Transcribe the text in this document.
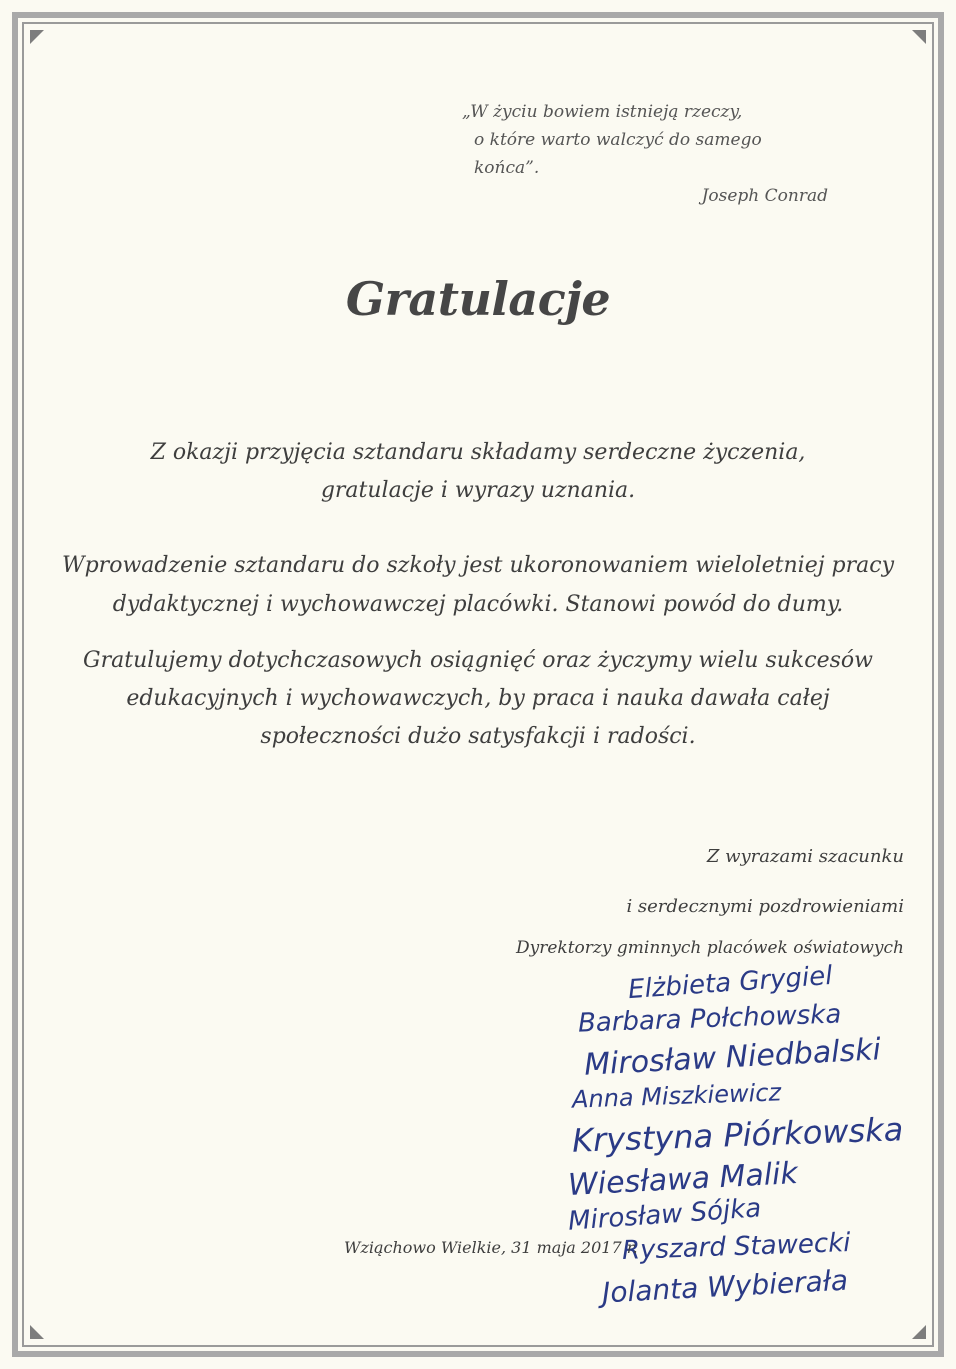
„W życiu bowiem istnieją rzeczy,
o które warto walczyć do samego końca”.
Joseph Conrad
Gratulacje
Z okazji przyjęcia sztandaru składamy serdeczne życzenia,
gratulacje i wyrazy uznania.
Wprowadzenie sztandaru do szkoły jest ukoronowaniem wieloletniej pracy
dydaktycznej i wychowawczej placówki. Stanowi powód do dumy.
Gratulujemy dotychczasowych osiągnięć oraz życzymy wielu sukcesów
edukacyjnych i wychowawczych, by praca i nauka dawała całej
społeczności dużo satysfakcji i radości.
Z wyrazami szacunku
i serdecznymi pozdrowieniami
Dyrektorzy gminnych placówek oświatowych
Elżbieta Grygiel
Barbara Połchowska
Mirosław Niedbalski
Anna Miszkiewicz
Krystyna Piórkowska
Wiesława Malik
Mirosław Sójka
Ryszard Stawecki
Jolanta Wybierała
Wziąchowo Wielkie, 31 maja 2017 r.
